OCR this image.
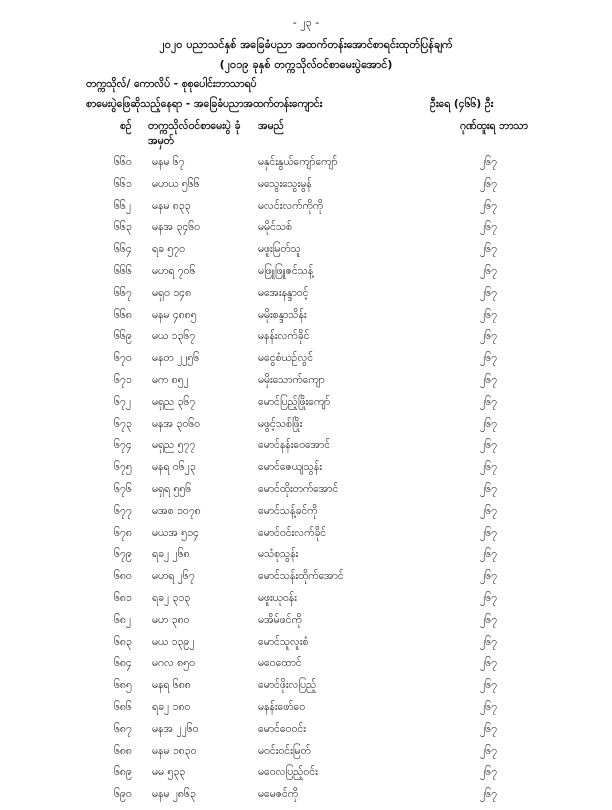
- ၂၃ -
၂၀၂၀ ပညာသင်နှစ် အခြေခံပညာ အထက်တန်းအောင်စာရင်းထုတ်ပြန်ချက်
(၂၀၁၉ ခုနှစ် တက္ကသိုလ်ဝင်စာမေးပွဲအောင်)
တက္ကသိုလ်/ ကောလိပ် - စုစုပေါင်းဘာသာရပ်
စာမေးပွဲဖြေဆိုသည့်နေရာ - အခြေခံပညာအထက်တန်းကျောင်း	ဦးရေ (၄၆၆) ဦး
စဉ် တက္ကသိုလ်ဝင်စာမေးပွဲ ခုံအမှတ်
အမည်	ဂုဏ်ထူးရ ဘာသာ
၆၆၀ မနမ ၆၇	မနှင်းနွယ်ကျော်ကျော်	၂၆၇
၆၆၁ မဟယ ၅၆၆	မသွေးသွေးမွန်	၂၆၇
၆၆၂ မနမ ၈၃၃	မလင်းလက်ကိုကို	၂၆၇
၆၆၃ မနအ ၃၄၆၀	မမိုင်သစ်	၂၆၇
၆၆၄ ရခ ၅၇၀	မဖူးမြတ်သူ	၂၆၇
၆၆၆ မဟရ ၇၀၆	မဖြူဖြူဇင်သန့်	၂၆၇
၆၆၇ မရှဝ ၁၄၈	မအေးနန္ဒာဝင့်	၂၆၇
၆၆၈ မနမ ၄၈၈၅	မမိုးစန္ဒာသိန်း	၂၆၇
၆၆၉ မယ ၁၃၆၇	မနန်းလက်ခိုင်	၂၆၇
၆၇၀ မနတ ၂၂၅၆	မငွေစံယဉ်လွင်	၂၆၇
၆၇၁ မက ၈၅၂	မမိုးသောက်ကျော	၂၆၇
၆၇၂ မရှည ၃၆၇	မောင်ပြည့်ဖြိုးကျော်	၂၆၇
၆၇၃ မနအ ၃၀၆၀	မဖွင့်သစ်ဖြိုး	၂၆၇
၆၇၄ မရှည ၅၇၇	မောင်နန်းဝေအောင်	၂၆၇
၆၇၅ မနရ ၀၆၂၃	မောင်ဇေယျသွန်း	၂၆၇
၆၇၆ မရှရ ၅၅၆	မောင်ထိုးတက်အောင်	၂၆၇
၆၇၇ မအစ ၁၀၇၈	မောင်သန့်ခင်ကို	၂၆၇
၆၇၈ မယအ ၅၁၄	မောင်ဝင်းလက်ခိုင်	၂၆၇
၆၇၉ ရခ၂ ၂၆၈	မသံစုသွန်း	၂၆၇
၆၈၀ မဟရ ၂၆၇	မောင်သန်းထိုက်အောင်	၂၆၇
၆၈၁ ရခ၂ ၃၁၃	မဖူးယုဝန်း	၂၆၇
၆၈၂ မဟ ၃၈၀	မအိမ်ဖင်ကို	၂၆၇
၆၈၃ မယ ၁၃၉၂	မောင်သူလူးစံ	၂၆၇
၆၈၄ မဂလ ၈၅၀	မဝေထောင်	၂၆၇
၆၈၅ မနရ ၆၈၈	မောင်ဖိုးလပြည့်	၂၆၇
၆၈၆ ရခ၂ ၁၈၀	မနန်းဖော်ဝေ	၂၆၇
၆၈၇ မနအ ၂၂၆၀	မောင်ဝေဝင်း	၂၆၇
၆၈၈ မနမ ၁၈၃၀	မဝင်းဝင်းမြတ်	၂၆၇
၆၈၉ မမ ၅၃၃	မဝေလပြည့်ဝင်း	၂၆၇
၆၉၀ မနမ ၂၈၆၃	မမေဇင်ကို	၂၆၇
